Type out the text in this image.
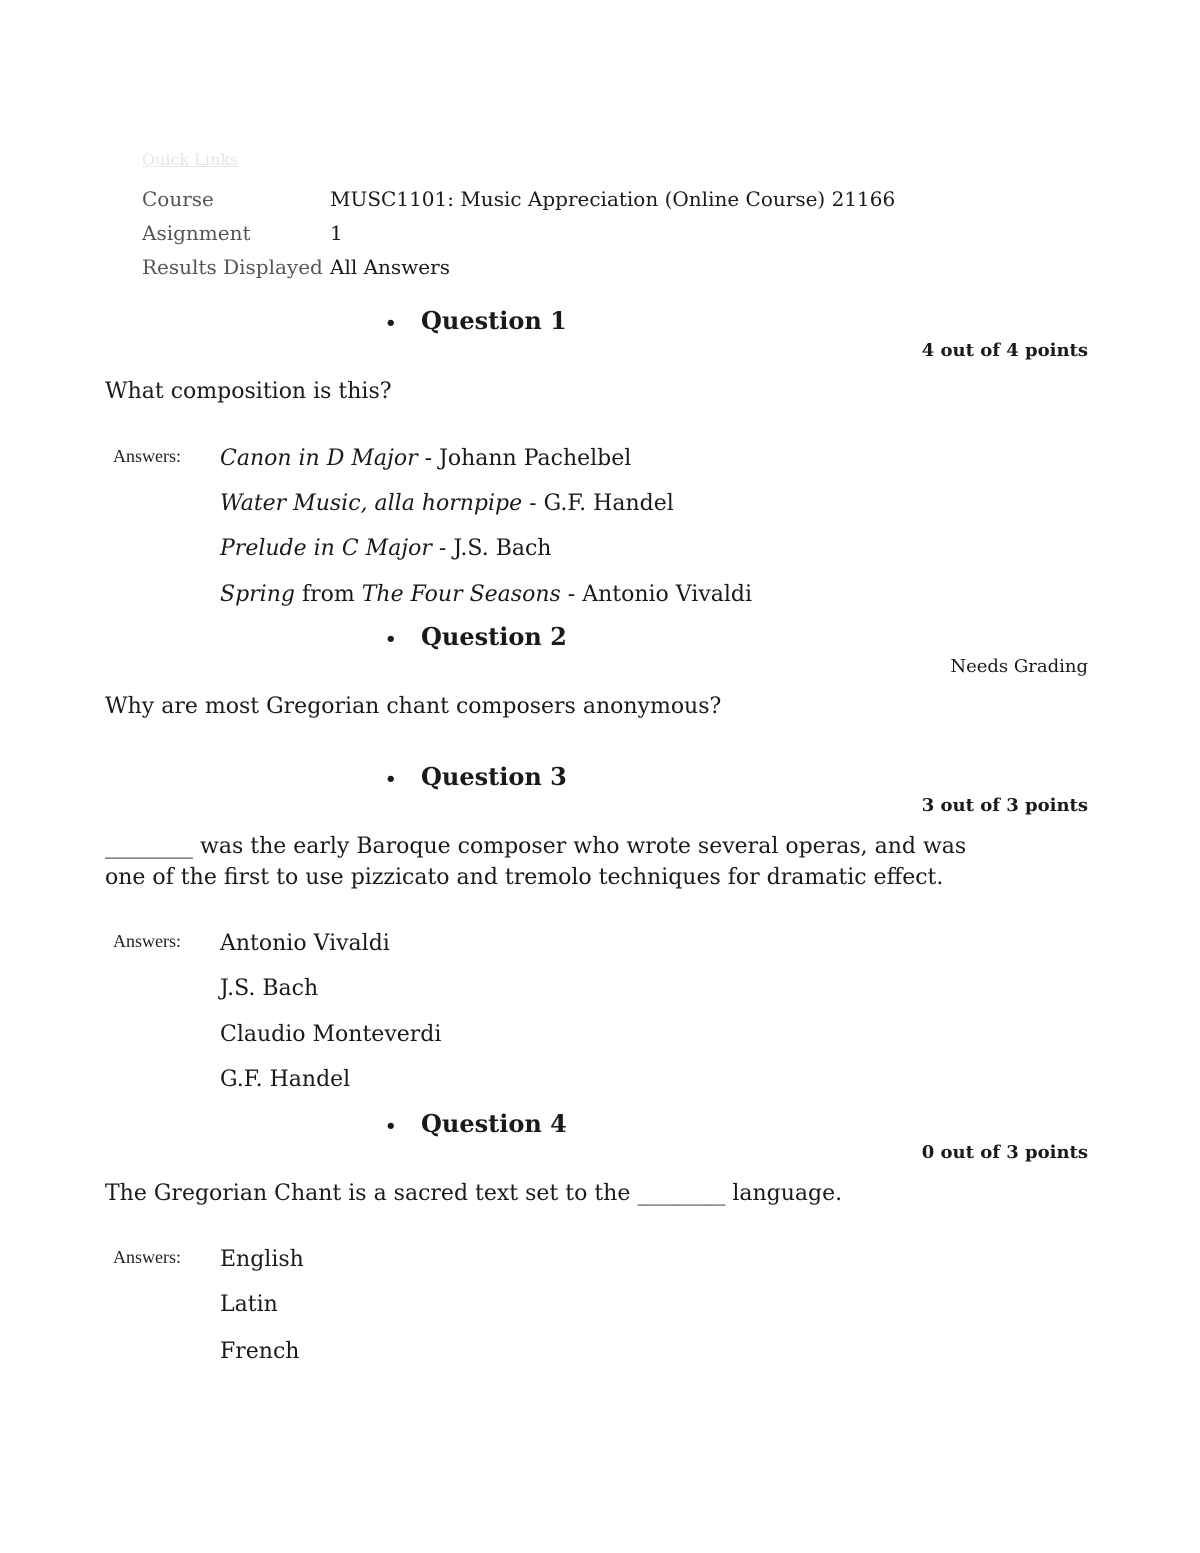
Quick Links
Course	MUSC1101: Music Appreciation (Online Course) 21166
Asignment	1
Results Displayed All Answers
• Question 1
4 out of 4 points
What composition is this?
Answers: Canon in D Major - Johann Pachelbel
Water Music, alla hornpipe - G.F. Handel
Prelude in C Major - J.S. Bach
Spring from The Four Seasons - Antonio Vivaldi
• Question 2
Needs Grading
Why are most Gregorian chant composers anonymous?
• Question 3
3 out of 3 points
________ was the early Baroque composer who wrote several operas, and was
one of the first to use pizzicato and tremolo techniques for dramatic effect.
Answers: Antonio Vivaldi
J.S. Bach
Claudio Monteverdi
G.F. Handel
• Question 4
0 out of 3 points
The Gregorian Chant is a sacred text set to the ________ language.
Answers: English
Latin
French
